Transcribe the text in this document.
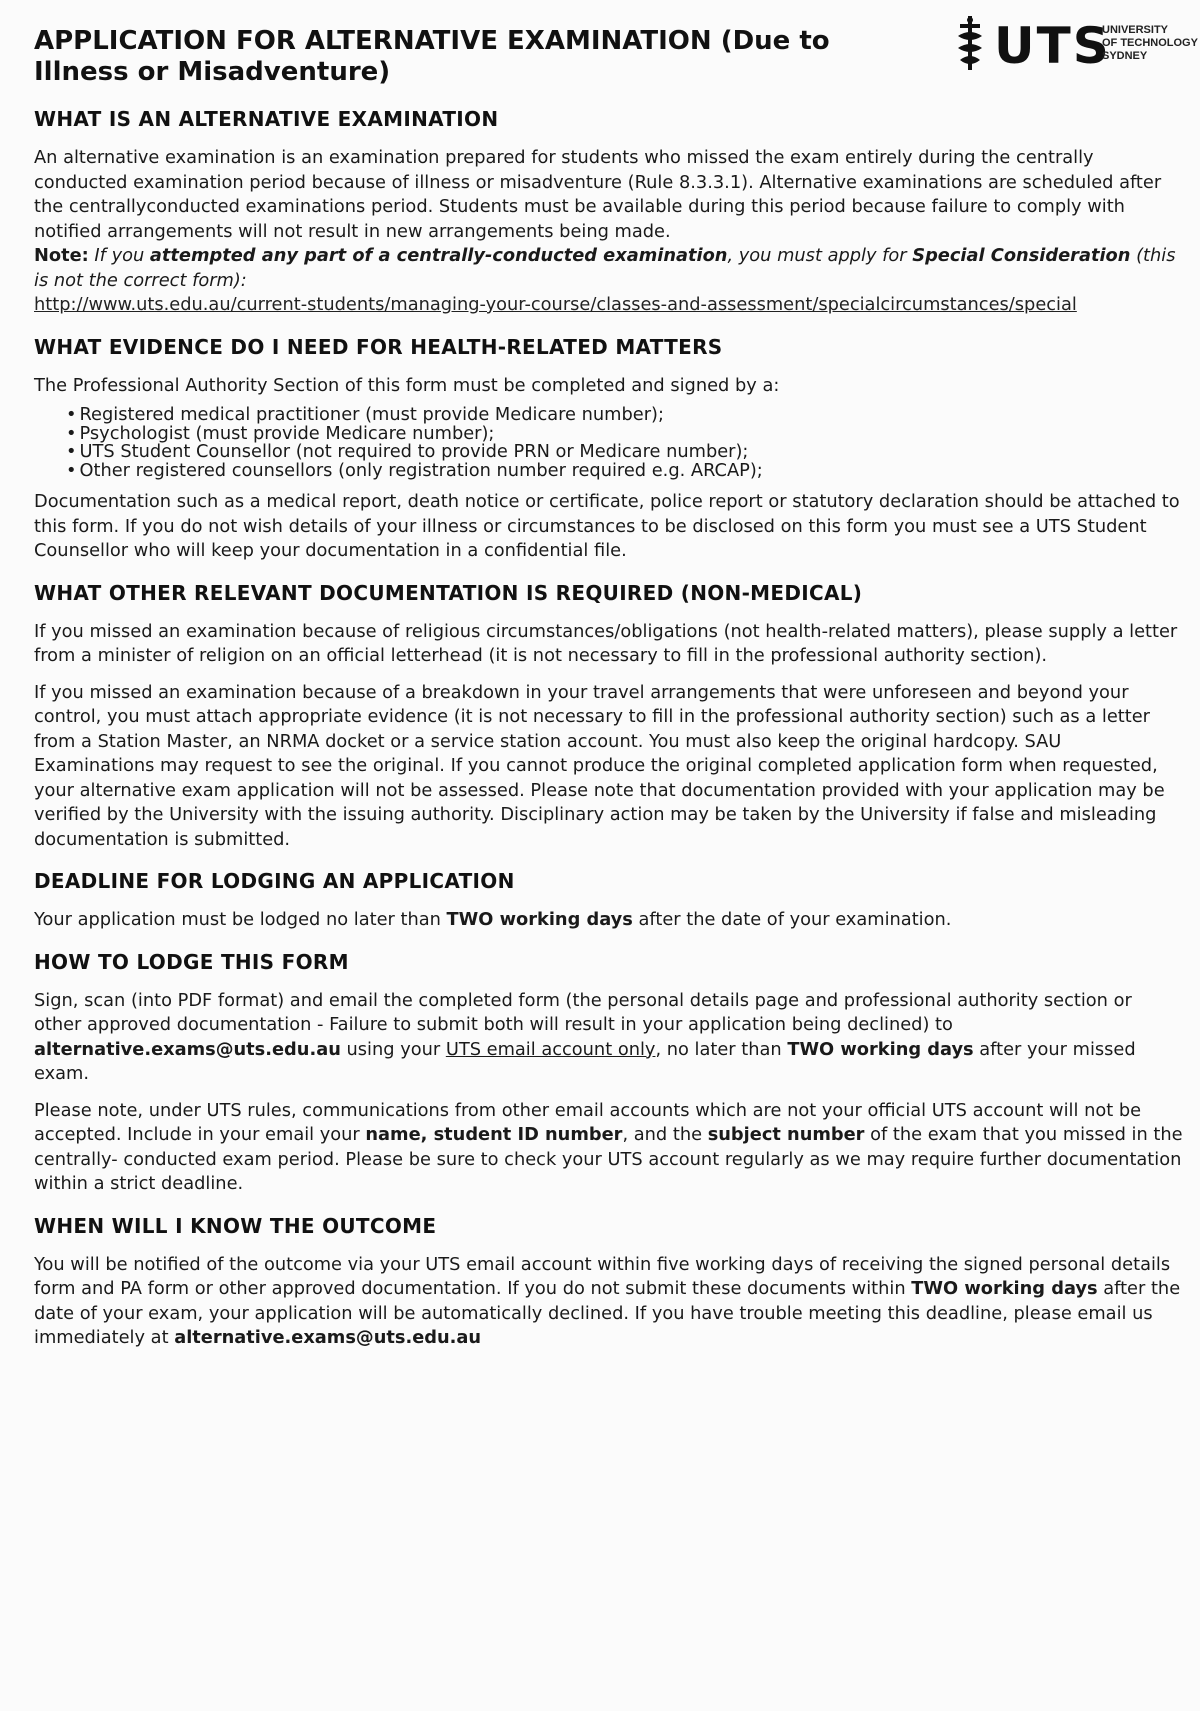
APPLICATION FOR ALTERNATIVE EXAMINATION (Due to Illness or Misadventure)	UTS
UNIVERSITY
OF TECHNOLOGY
SYDNEY
WHAT IS AN ALTERNATIVE EXAMINATION

An alternative examination is an examination prepared for students who missed the exam entirely during the centrally conducted examination period because of illness or misadventure (Rule 8.3.3.1). Alternative examinations are scheduled after the centrallyconducted examinations period. Students must be available during this period because failure to comply with notified arrangements will not result in new arrangements being made.
Note: If you attempted any part of a centrally-conducted examination, you must apply for Special Consideration (this is not the correct form):

http://www.uts.edu.au/current-students/managing-your-course/classes-and-assessment/specialcircumstances/special
WHAT EVIDENCE DO I NEED FOR HEALTH-RELATED MATTERS

The Professional Authority Section of this form must be completed and signed by a:

• Registered medical practitioner (must provide Medicare number);
• Psychologist (must provide Medicare number);
• UTS Student Counsellor (not required to provide PRN or Medicare number);
• Other registered counsellors (only registration number required e.g. ARCAP);

Documentation such as a medical report, death notice or certificate, police report or statutory declaration should be attached to this form. If you do not wish details of your illness or circumstances to be disclosed on this form you must see a UTS Student Counsellor who will keep your documentation in a confidential file.

WHAT OTHER RELEVANT DOCUMENTATION IS REQUIRED (NON-MEDICAL)

If you missed an examination because of religious circumstances/obligations (not health-related matters), please supply a letter from a minister of religion on an official letterhead (it is not necessary to fill in the professional authority section).

If you missed an examination because of a breakdown in your travel arrangements that were unforeseen and beyond your control, you must attach appropriate evidence (it is not necessary to fill in the professional authority section) such as a letter from a Station Master, an NRMA docket or a service station account. You must also keep the original hardcopy. SAU Examinations may request to see the original. If you cannot produce the original completed application form when requested, your alternative exam application will not be assessed. Please note that documentation provided with your application may be verified by the University with the issuing authority. Disciplinary action may be taken by the University if false and misleading documentation is submitted.

DEADLINE FOR LODGING AN APPLICATION

Your application must be lodged no later than TWO working days after the date of your examination.

HOW TO LODGE THIS FORM

Sign, scan (into PDF format) and email the completed form (the personal details page and professional authority section or other approved documentation - Failure to submit both will result in your application being declined) to alternative.exams@uts.edu.au using your UTS email account only, no later than TWO working days after your missed exam.

Please note, under UTS rules, communications from other email accounts which are not your official UTS account will not be accepted. Include in your email your name, student ID number, and the subject number of the exam that you missed in the centrally- conducted exam period. Please be sure to check your UTS account regularly as we may require further documentation within a strict deadline.

WHEN WILL I KNOW THE OUTCOME

You will be notified of the outcome via your UTS email account within five working days of receiving the signed personal details form and PA form or other approved documentation. If you do not submit these documents within TWO working days after the date of your exam, your application will be automatically declined. If you have trouble meeting this deadline, please email us immediately at alternative.exams@uts.edu.au
